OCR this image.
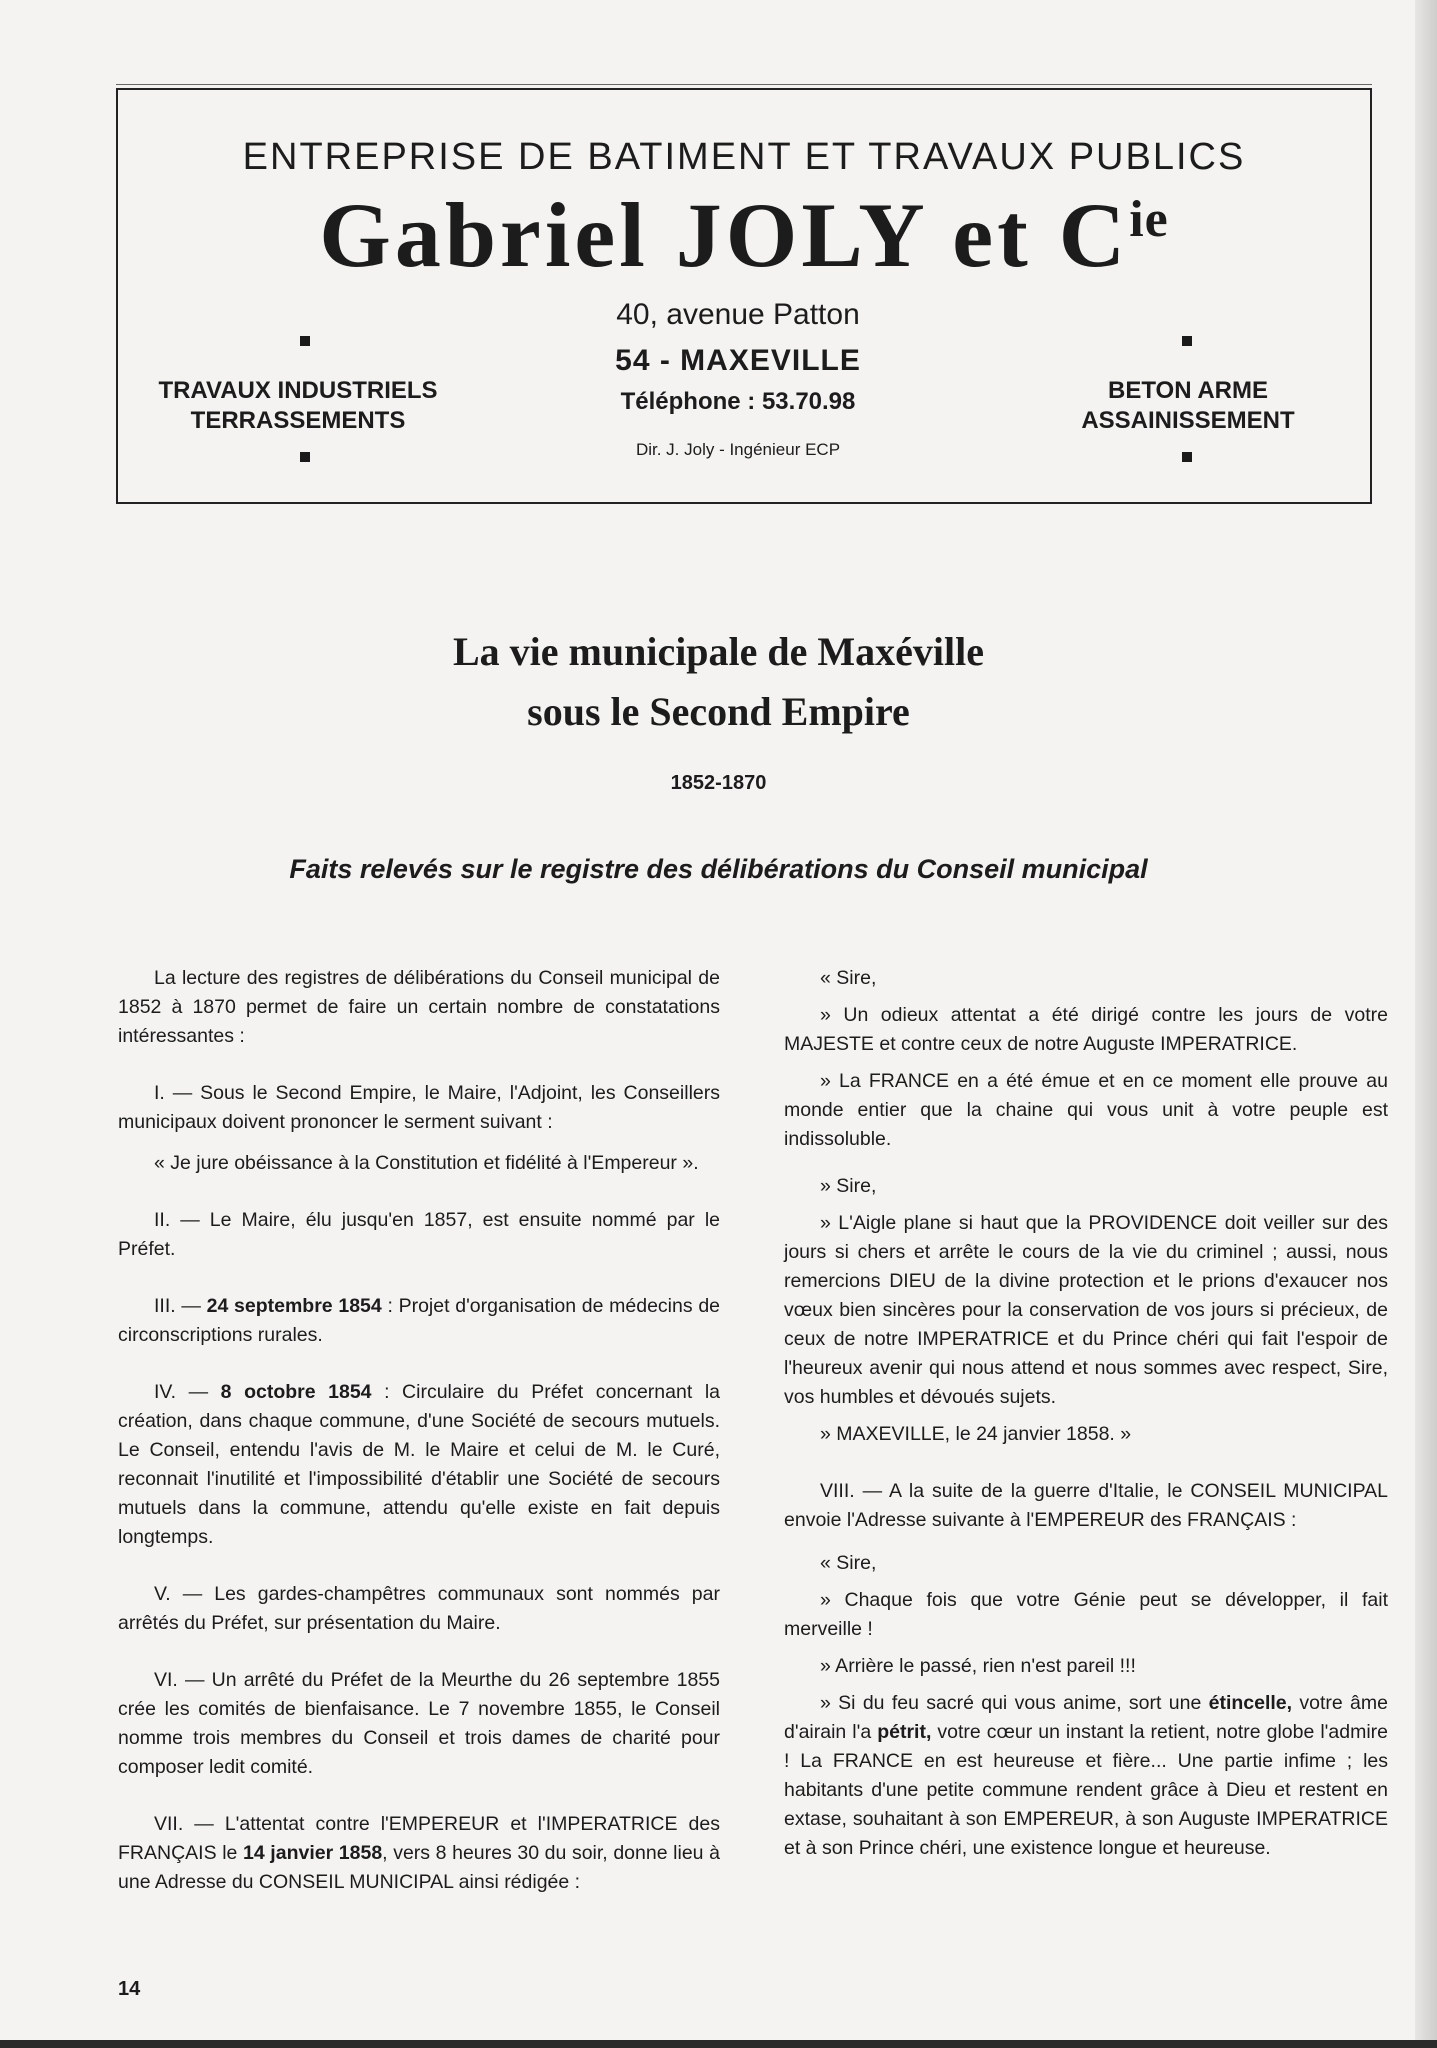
ENTREPRISE DE BATIMENT ET TRAVAUX PUBLICS
Gabriel JOLY et $C^{ie}$
40, avenue Patton
54 - MAXEVILLE
Téléphone : 53.70.98
Dir. J. Joly - Ingénieur ECP
TRAVAUX INDUSTRIELS
TERRASSEMENTS
BETON ARME
ASSAINISSEMENT
La vie municipale de Maxéville
sous le Second Empire
1852-1870
Faits relevés sur le registre des délibérations du Conseil municipal

La lecture des registres de délibérations du Conseil municipal de 1852 à 1870 permet de faire un certain nombre de constatations intéressantes :

I. — Sous le Second Empire, le Maire, l'Adjoint, les Conseillers municipaux doivent prononcer le serment suivant :

« Je jure obéissance à la Constitution et fidélité à l'Empereur ».

II. — Le Maire, élu jusqu'en 1857, est ensuite nommé par le Préfet.

III. — 24 septembre 1854 : Projet d'organisation de médecins de circonscriptions rurales.

IV. — 8 octobre 1854 : Circulaire du Préfet concernant la création, dans chaque commune, d'une Société de secours mutuels. Le Conseil, entendu l'avis de M. le Maire et celui de M. le Curé, reconnait l'inutilité et l'impossibilité d'établir une Société de secours mutuels dans la commune, attendu qu'elle existe en fait depuis longtemps.

V. — Les gardes-champêtres communaux sont nommés par arrêtés du Préfet, sur présentation du Maire.

VI. — Un arrêté du Préfet de la Meurthe du 26 septembre 1855 crée les comités de bienfaisance. Le 7 novembre 1855, le Conseil nomme trois membres du Conseil et trois dames de charité pour composer ledit comité.

VII. — L'attentat contre l'EMPEREUR et l'IMPERATRICE des FRANÇAIS le 14 janvier 1858, vers 8 heures 30 du soir, donne lieu à une Adresse du CONSEIL MUNICIPAL ainsi rédigée :

« Sire,

» Un odieux attentat a été dirigé contre les jours de votre MAJESTE et contre ceux de notre Auguste IMPERATRICE.

» La FRANCE en a été émue et en ce moment elle prouve au monde entier que la chaine qui vous unit à votre peuple est indissoluble.

» Sire,

» L'Aigle plane si haut que la PROVIDENCE doit veiller sur des jours si chers et arrête le cours de la vie du criminel ; aussi, nous remercions DIEU de la divine protection et le prions d'exaucer nos vœux bien sincères pour la conservation de vos jours si précieux, de ceux de notre IMPERATRICE et du Prince chéri qui fait l'espoir de l'heureux avenir qui nous attend et nous sommes avec respect, Sire, vos humbles et dévoués sujets.

» MAXEVILLE, le 24 janvier 1858. »

VIII. — A la suite de la guerre d'Italie, le CONSEIL MUNICIPAL envoie l'Adresse suivante à l'EMPEREUR des FRANÇAIS :

« Sire,

» Chaque fois que votre Génie peut se développer, il fait merveille !

» Arrière le passé, rien n'est pareil !!!

» Si du feu sacré qui vous anime, sort une étincelle, votre âme d'airain l'a pétrit, votre cœur un instant la retient, notre globe l'admire ! La FRANCE en est heureuse et fière... Une partie infime ; les habitants d'une petite commune rendent grâce à Dieu et restent en extase, souhaitant à son EMPEREUR, à son Auguste IMPERATRICE et à son Prince chéri, une existence longue et heureuse.

14
